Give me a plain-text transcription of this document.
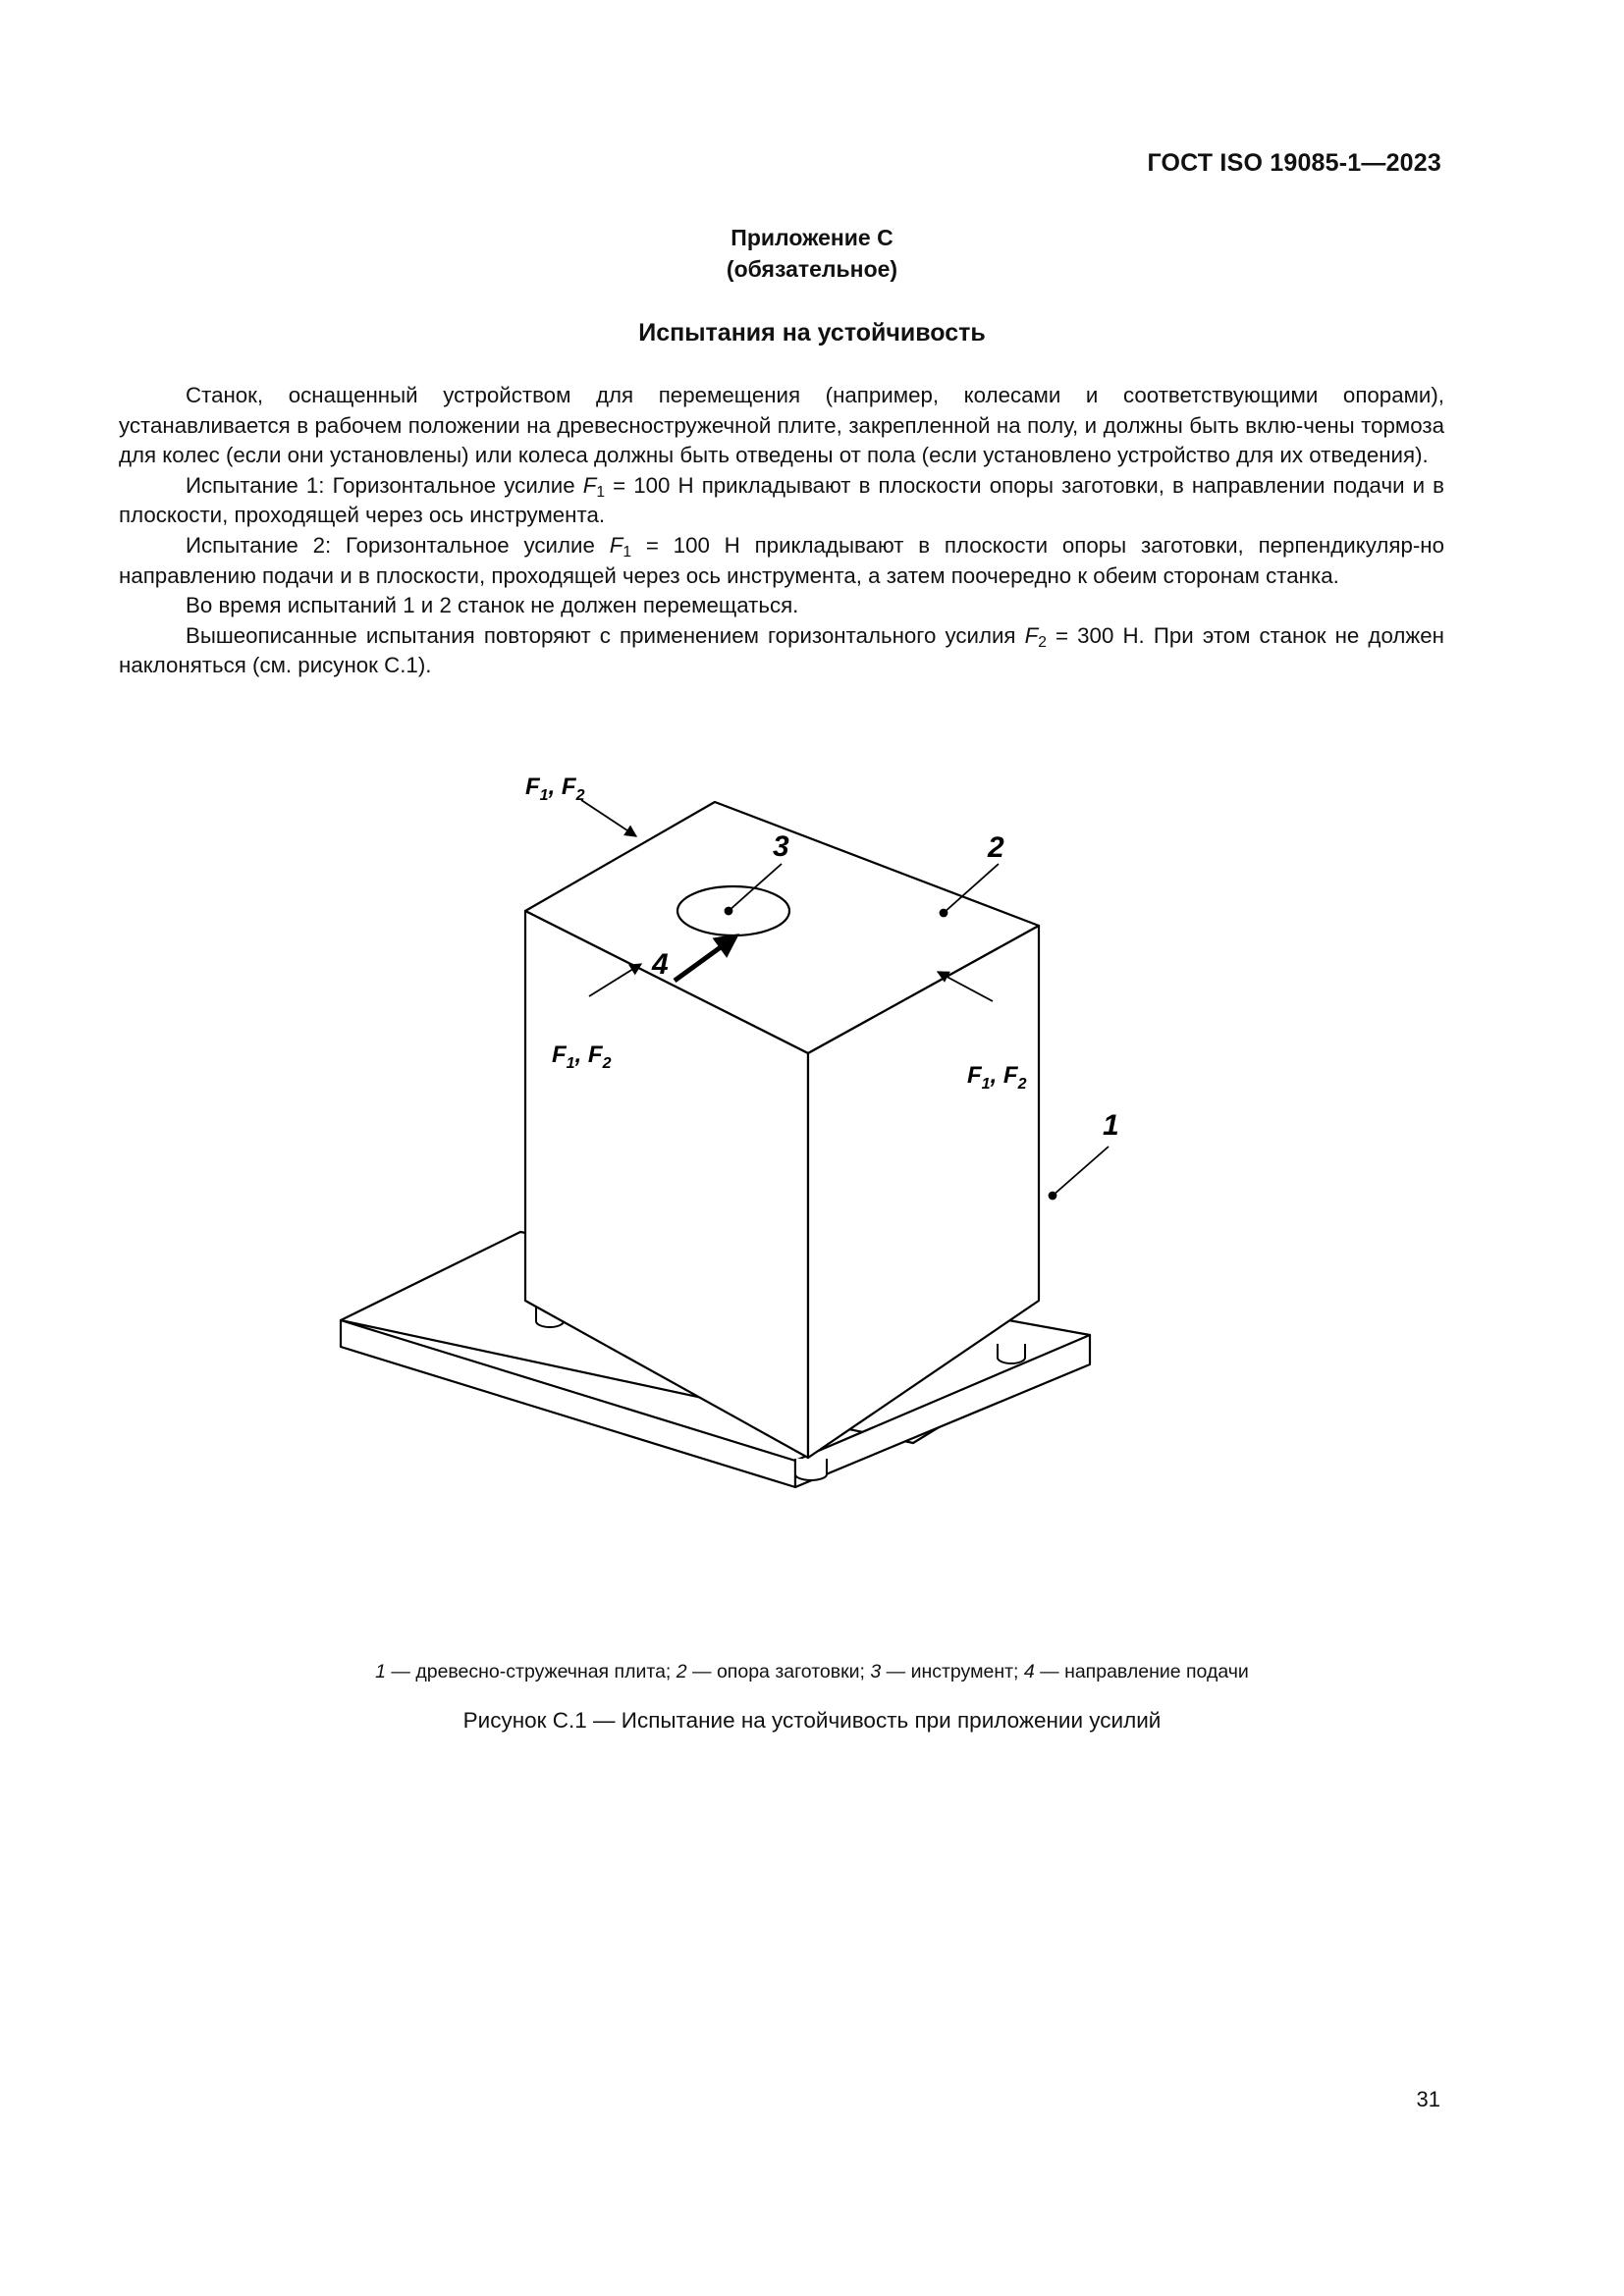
ГОСТ ISO 19085-1—2023
Приложение С
(обязательное)
Испытания на устойчивость

Станок, оснащенный устройством для перемещения (например, колесами и соответствующими опорами), устанавливается в рабочем положении на древесностружечной плите, закрепленной на полу, и должны быть вклю-чены тормоза для колес (если они установлены) или колеса должны быть отведены от пола (если установлено устройство для их отведения).

Испытание 1: Горизонтальное усилие $F_1 = 100$ Н прикладывают в плоскости опоры заготовки, в направлении подачи и в плоскости, проходящей через ось инструмента.

Испытание 2: Горизонтальное усилие $F_1 = 100$ Н прикладывают в плоскости опоры заготовки, перпендикуляр-но направлению подачи и в плоскости, проходящей через ось инструмента, а затем поочередно к обеим сторонам станка.

Во время испытаний 1 и 2 станок не должен перемещаться.

Вышеописанные испытания повторяют с применением горизонтального усилия $F_2 = 300$ Н. При этом станок не должен наклоняться (см. рисунок С.1).

3	2
4
1
$F_1$, $F_2$
$F_1$, $F_2$	$F_1$, $F_2$
1 — древесно-стружечная плита; 2 — опора заготовки; 3 — инструмент; 4 — направление подачи
Рисунок С.1 — Испытание на устойчивость при приложении усилий
31
